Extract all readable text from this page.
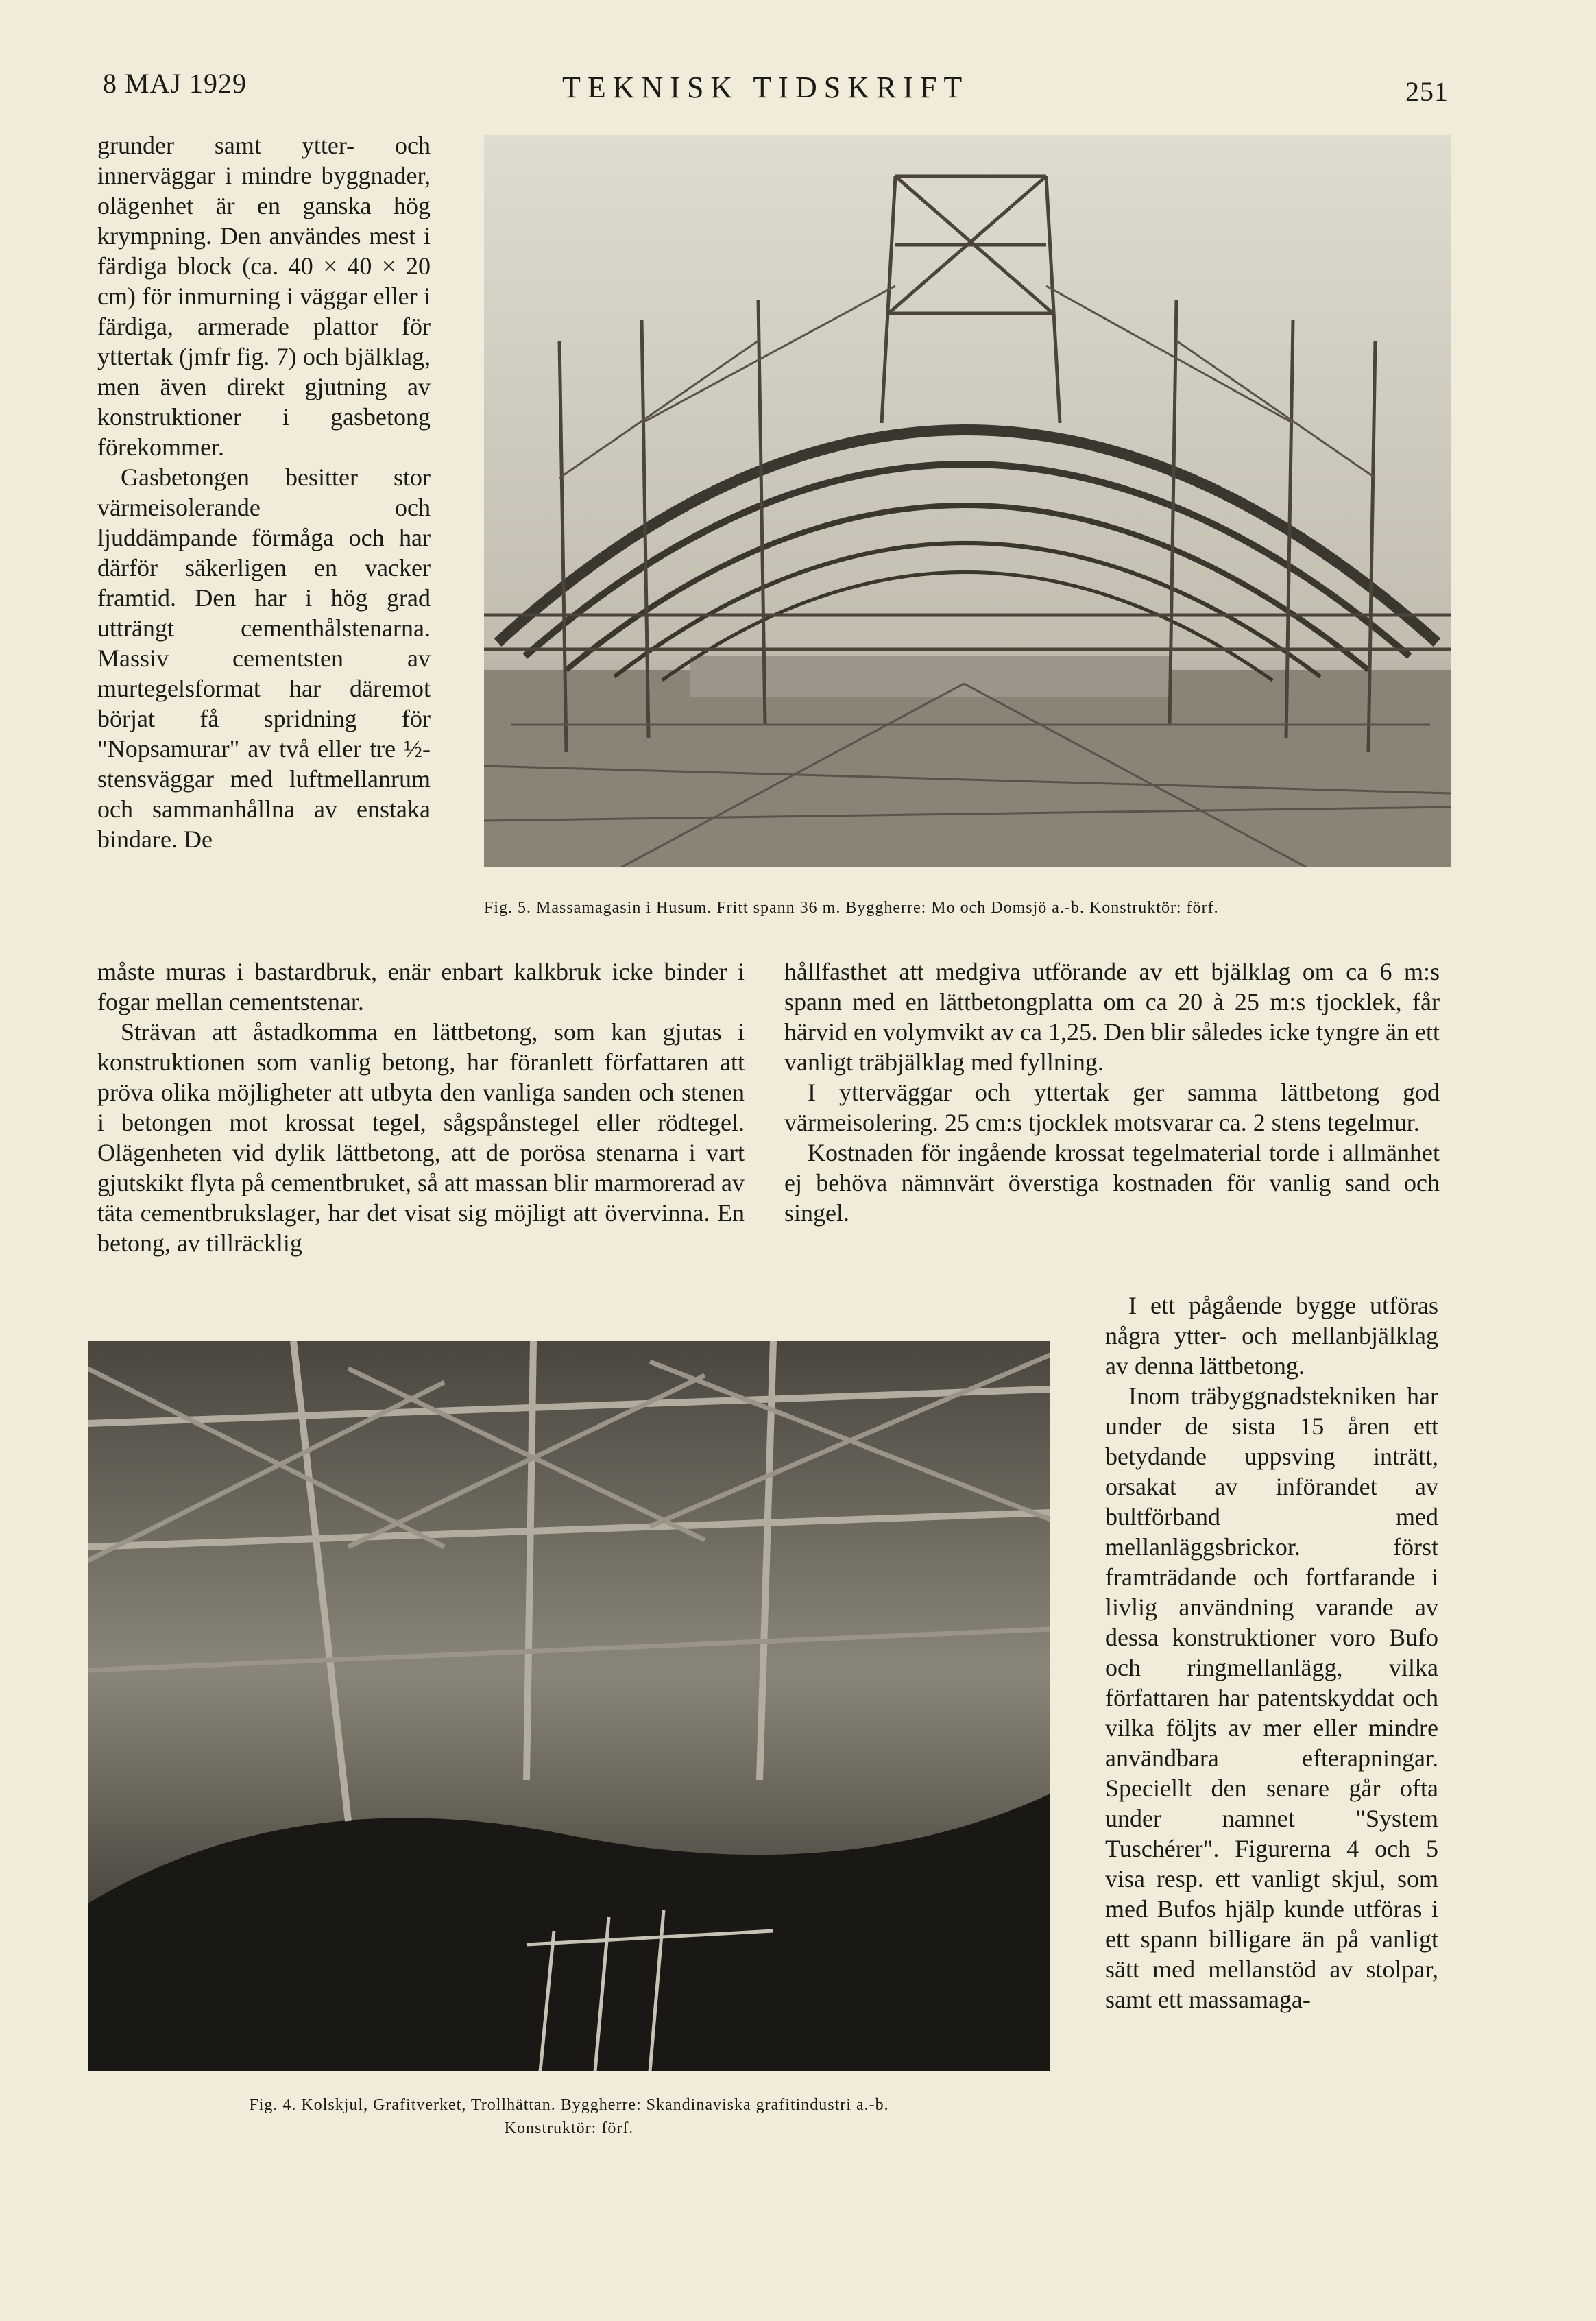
8 MAJ 1929	TEKNISK TIDSKRIFT	251

grunder samt ytter- och innerväggar i mindre byggnader, olägenhet är en ganska hög krympning. Den användes mest i färdiga block (ca. 40 × 40 × 20 cm) för inmurning i väggar eller i färdiga, armerade plattor för yttertak (jmfr fig. 7) och bjälklag, men även direkt gjutning av konstruktioner i gasbetong förekommer.

Gasbetongen besitter stor värmeisolerande och ljuddämpande förmåga och har därför säkerligen en vacker framtid. Den har i hög grad utträngt cementhålstenarna. Massiv cementsten av murtegelsformat har däremot börjat få spridning för "Nopsamurar" av två eller tre ½-stensväggar med luftmellanrum och sammanhållna av enstaka bindare. De

Fig. 5. Massamagasin i Husum. Fritt spann 36 m. Byggherre: Mo och Domsjö a.-b. Konstruktör: förf.

måste muras i bastardbruk, enär enbart kalkbruk icke binder i fogar mellan cementstenar.

Strävan att åstadkomma en lättbetong, som kan gjutas i konstruktionen som vanlig betong, har föranlett författaren att pröva olika möjligheter att utbyta den vanliga sanden och stenen i betongen mot krossat tegel, sågspånstegel eller rödtegel. Olägenheten vid dylik lättbetong, att de porösa stenarna i vart gjutskikt flyta på cementbruket, så att massan blir marmorerad av täta cementbrukslager, har det visat sig möjligt att övervinna. En betong, av tillräcklig

hållfasthet att medgiva utförande av ett bjälklag om ca 6 m:s spann med en lättbetongplatta om ca 20 à 25 m:s tjocklek, får härvid en volymvikt av ca 1,25. Den blir således icke tyngre än ett vanligt träbjälklag med fyllning.

I ytterväggar och yttertak ger samma lättbetong god värmeisolering. 25 cm:s tjocklek motsvarar ca. 2 stens tegelmur.

Kostnaden för ingående krossat tegelmaterial torde i allmänhet ej behöva nämnvärt överstiga kostnaden för vanlig sand och singel.

Fig. 4. Kolskjul, Grafitverket, Trollhättan. Byggherre: Skandinaviska grafitindustri a.-b.
Konstruktör: förf.

I ett pågående bygge utföras några ytter- och mellanbjälklag av denna lättbetong.

Inom träbyggnadstekniken har under de sista 15 åren ett betydande uppsving inträtt, orsakat av införandet av bultförband med mellanläggsbrickor. först framträdande och fortfarande i livlig användning varande av dessa konstruktioner voro Bufo och ringmellanlägg, vilka författaren har patentskyddat och vilka följts av mer eller mindre användbara efterapningar. Speciellt den senare går ofta under namnet "System Tuschérer". Figurerna 4 och 5 visa resp. ett vanligt skjul, som med Bufos hjälp kunde utföras i ett spann billigare än på vanligt sätt med mellanstöd av stolpar, samt ett massamaga-
